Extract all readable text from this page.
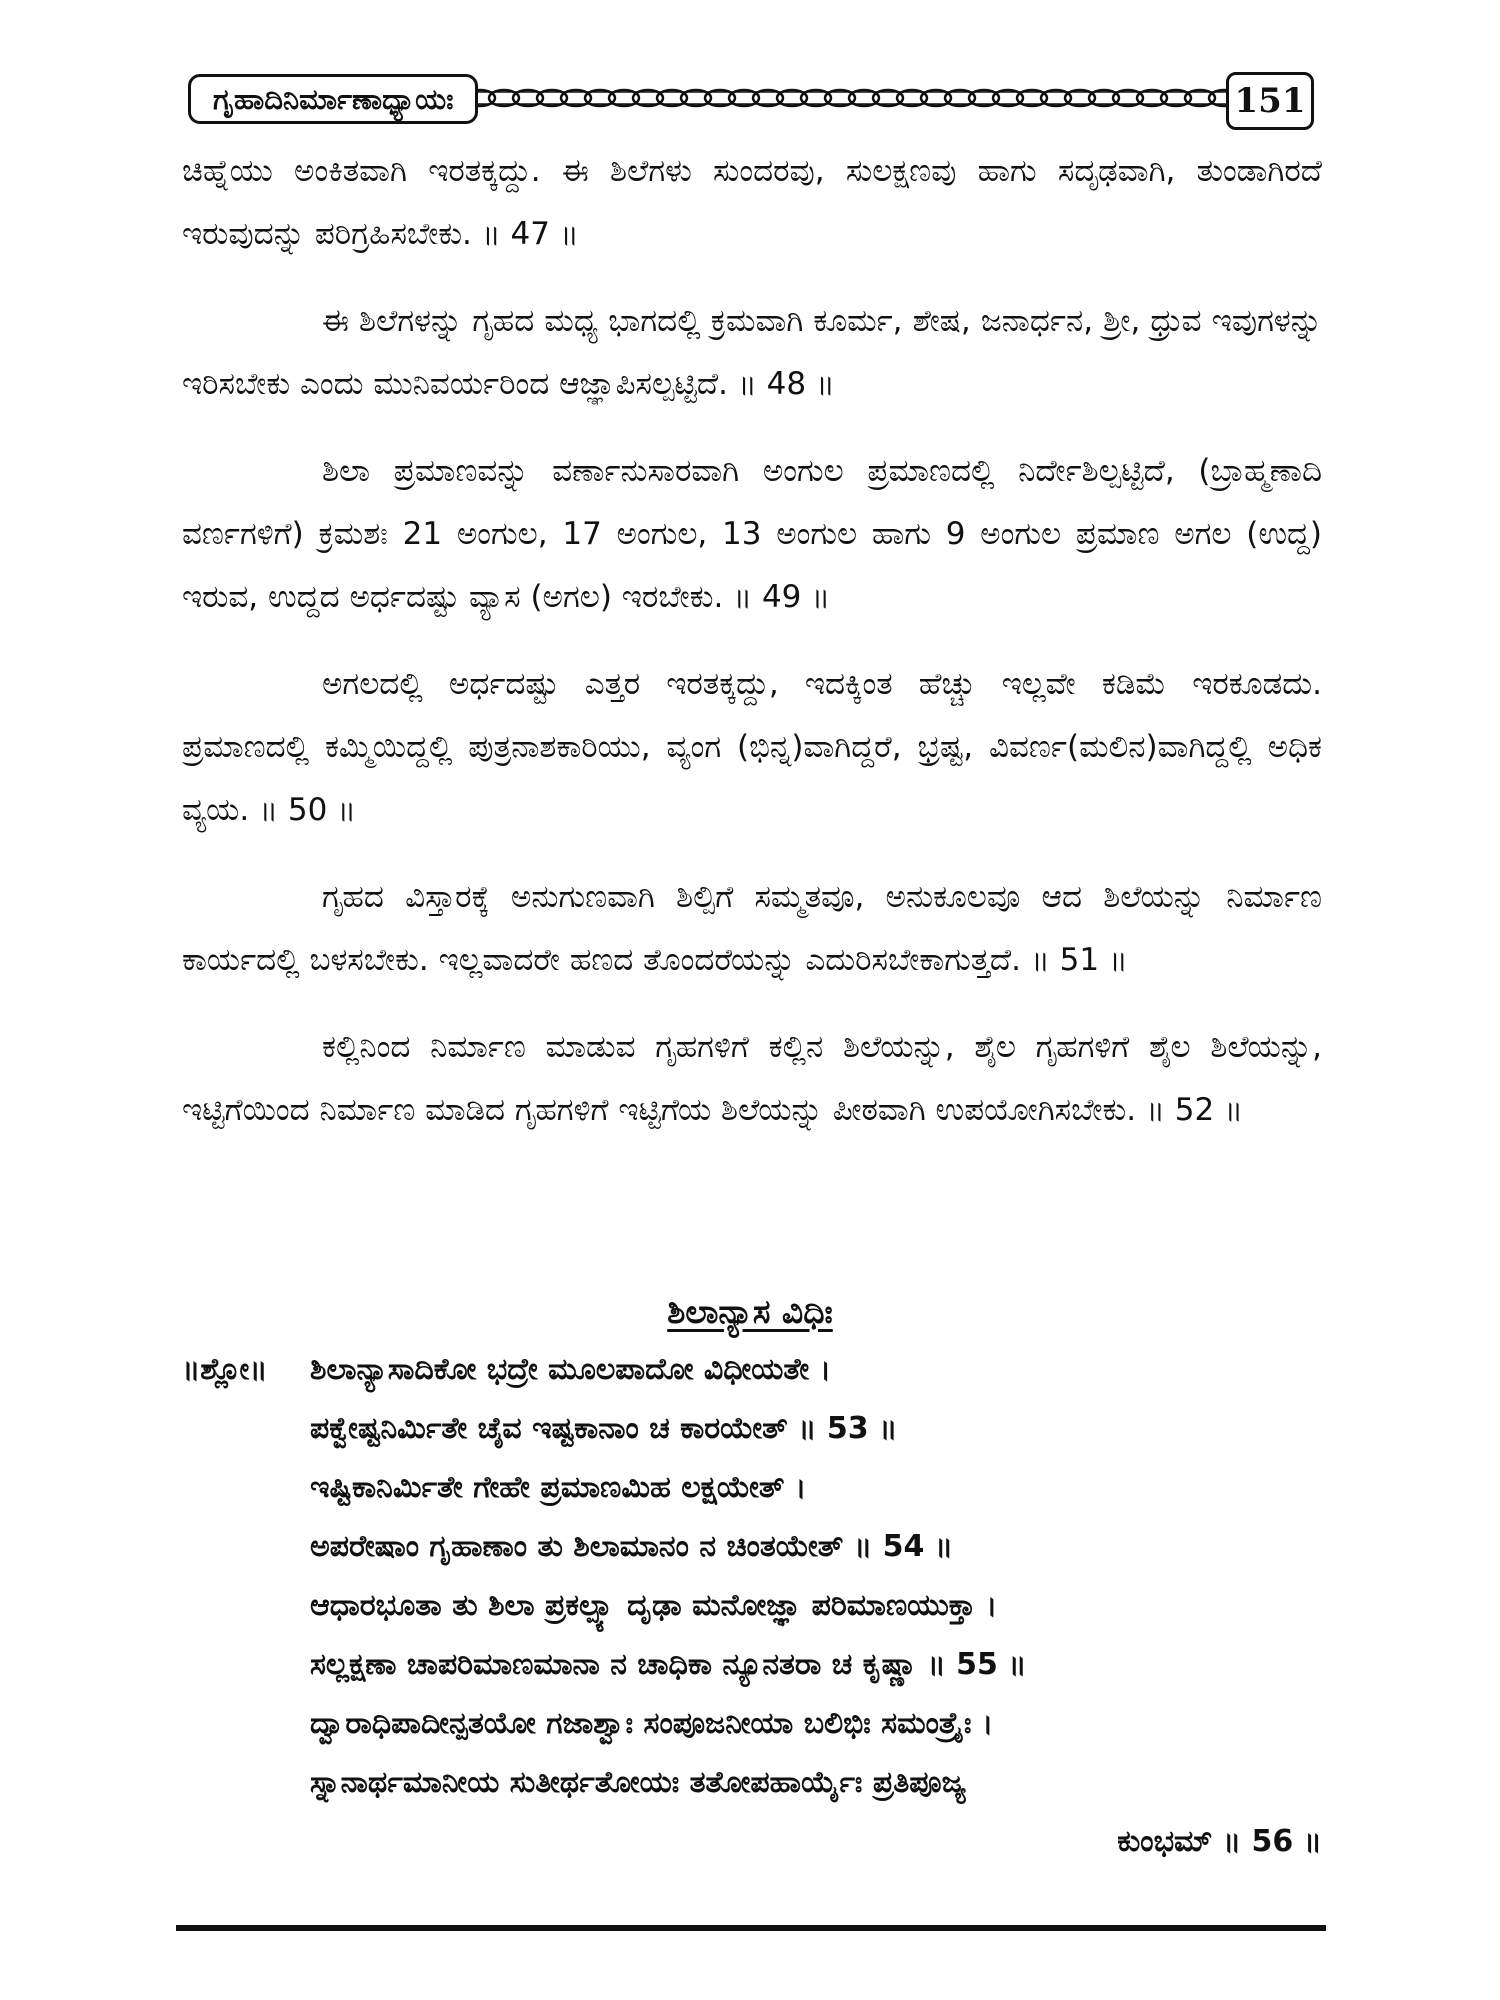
ಗೃಹಾದಿನಿರ್ಮಾಣಾಧ್ಯಾಯಃ	151

ಚಿಹ್ನೆಯು ಅಂಕಿತವಾಗಿ ಇರತಕ್ಕದ್ದು. ಈ ಶಿಲೆಗಳು ಸುಂದರವು, ಸುಲಕ್ಷಣವು ಹಾಗು ಸದೃಢವಾಗಿ, ತುಂಡಾಗಿರದೆ ಇರುವುದನ್ನು ಪರಿಗ್ರಹಿಸಬೇಕು. ॥ 47 ॥

ಈ ಶಿಲೆಗಳನ್ನು ಗೃಹದ ಮಧ್ಯ ಭಾಗದಲ್ಲಿ ಕ್ರಮವಾಗಿ ಕೂರ್ಮ, ಶೇಷ, ಜನಾರ್ಧನ, ಶ್ರೀ, ಧ್ರುವ ಇವುಗಳನ್ನು ಇರಿಸಬೇಕು ಎಂದು ಮುನಿವರ್ಯರಿಂದ ಆಜ್ಞಾಪಿಸಲ್ಪಟ್ಟಿದೆ. ॥ 48 ॥

ಶಿಲಾ ಪ್ರಮಾಣವನ್ನು ವರ್ಣಾನುಸಾರವಾಗಿ ಅಂಗುಲ ಪ್ರಮಾಣದಲ್ಲಿ ನಿರ್ದೇಶಿಲ್ಪಟ್ಟಿದೆ, (ಬ್ರಾಹ್ಮಣಾದಿ ವರ್ಣಗಳಿಗೆ) ಕ್ರಮಶಃ 21 ಅಂಗುಲ, 17 ಅಂಗುಲ, 13 ಅಂಗುಲ ಹಾಗು 9 ಅಂಗುಲ ಪ್ರಮಾಣ ಅಗಲ (ಉದ್ದ) ಇರುವ, ಉದ್ದದ ಅರ್ಧದಷ್ಟು ವ್ಯಾಸ (ಅಗಲ) ಇರಬೇಕು. ॥ 49 ॥

ಅಗಲದಲ್ಲಿ ಅರ್ಧದಷ್ಟು ಎತ್ತರ ಇರತಕ್ಕದ್ದು, ಇದಕ್ಕಿಂತ ಹೆಚ್ಚು ಇಲ್ಲವೇ ಕಡಿಮೆ ಇರಕೂಡದು. ಪ್ರಮಾಣದಲ್ಲಿ ಕಮ್ಮಿಯಿದ್ದಲ್ಲಿ ಪುತ್ರನಾಶಕಾರಿಯು, ವ್ಯಂಗ (ಭಿನ್ನ)ವಾಗಿದ್ದರೆ, ಭ್ರಷ್ಟ, ವಿವರ್ಣ(ಮಲಿನ)ವಾಗಿದ್ದಲ್ಲಿ ಅಧಿಕ ವ್ಯಯ. ॥ 50 ॥

ಗೃಹದ ವಿಸ್ತಾರಕ್ಕೆ ಅನುಗುಣವಾಗಿ ಶಿಲ್ಪಿಗೆ ಸಮ್ಮತವೂ, ಅನುಕೂಲವೂ ಆದ ಶಿಲೆಯನ್ನು ನಿರ್ಮಾಣ ಕಾರ್ಯದಲ್ಲಿ ಬಳಸಬೇಕು. ಇಲ್ಲವಾದರೇ ಹಣದ ತೊಂದರೆಯನ್ನು ಎದುರಿಸಬೇಕಾಗುತ್ತದೆ. ॥ 51 ॥

ಕಲ್ಲಿನಿಂದ ನಿರ್ಮಾಣ ಮಾಡುವ ಗೃಹಗಳಿಗೆ ಕಲ್ಲಿನ ಶಿಲೆಯನ್ನು, ಶೈಲ ಗೃಹಗಳಿಗೆ ಶೈಲ ಶಿಲೆಯನ್ನು, ಇಟ್ಟಿಗೆಯಿಂದ ನಿರ್ಮಾಣ ಮಾಡಿದ ಗೃಹಗಳಿಗೆ ಇಟ್ಟಿಗೆಯ ಶಿಲೆಯನ್ನು ಪೀಠವಾಗಿ ಉಪಯೋಗಿಸಬೇಕು. ॥ 52 ॥

ಶಿಲಾನ್ಯಾಸ ವಿಧಿಃ
॥ಶ್ಲೋ॥ ಶಿಲಾನ್ಯಾಸಾದಿಕೋ ಭದ್ರೇ ಮೂಲಪಾದೋ ವಿಧೀಯತೇ ।
ಪಕ್ವೇಷ್ಟನಿರ್ಮಿತೇ ಚೈವ ಇಷ್ಟಕಾನಾಂ ಚ ಕಾರಯೇತ್ ॥ 53 ॥
ಇಷ್ಟಿಕಾನಿರ್ಮಿತೇ ಗೇಹೇ ಪ್ರಮಾಣಮಿಹ ಲಕ್ಷಯೇತ್ ।
ಅಪರೇಷಾಂ ಗೃಹಾಣಾಂ ತು ಶಿಲಾಮಾನಂ ನ ಚಿಂತಯೇತ್ ॥ 54 ॥
ಆಧಾರಭೂತಾ ತು ಶಿಲಾ ಪ್ರಕಲ್ಪ್ಯಾ ದೃಢಾ ಮನೋಜ್ಞಾ ಪರಿಮಾಣಯುಕ್ತಾ ।
ಸಲ್ಲಕ್ಷಣಾ ಚಾಪರಿಮಾಣಮಾನಾ ನ ಚಾಧಿಕಾ ನ್ಯೂನತರಾ ಚ ಕೃಷ್ಣಾ ॥ 55 ॥
ದ್ವಾರಾಧಿಪಾದೀನ್ಪತಯೋ ಗಜಾಶ್ವಾಃ ಸಂಪೂಜನೀಯಾ ಬಲಿಭಿಃ ಸಮಂತ್ರೈಃ ।
ಸ್ನಾನಾರ್ಥಮಾನೀಯ ಸುತೀರ್ಥತೋಯಃ ತತೋಪಹಾರ್ಯೈಃ ಪ್ರತಿಪೂಜ್ಯ
ಕುಂಭಮ್ ॥ 56 ॥
